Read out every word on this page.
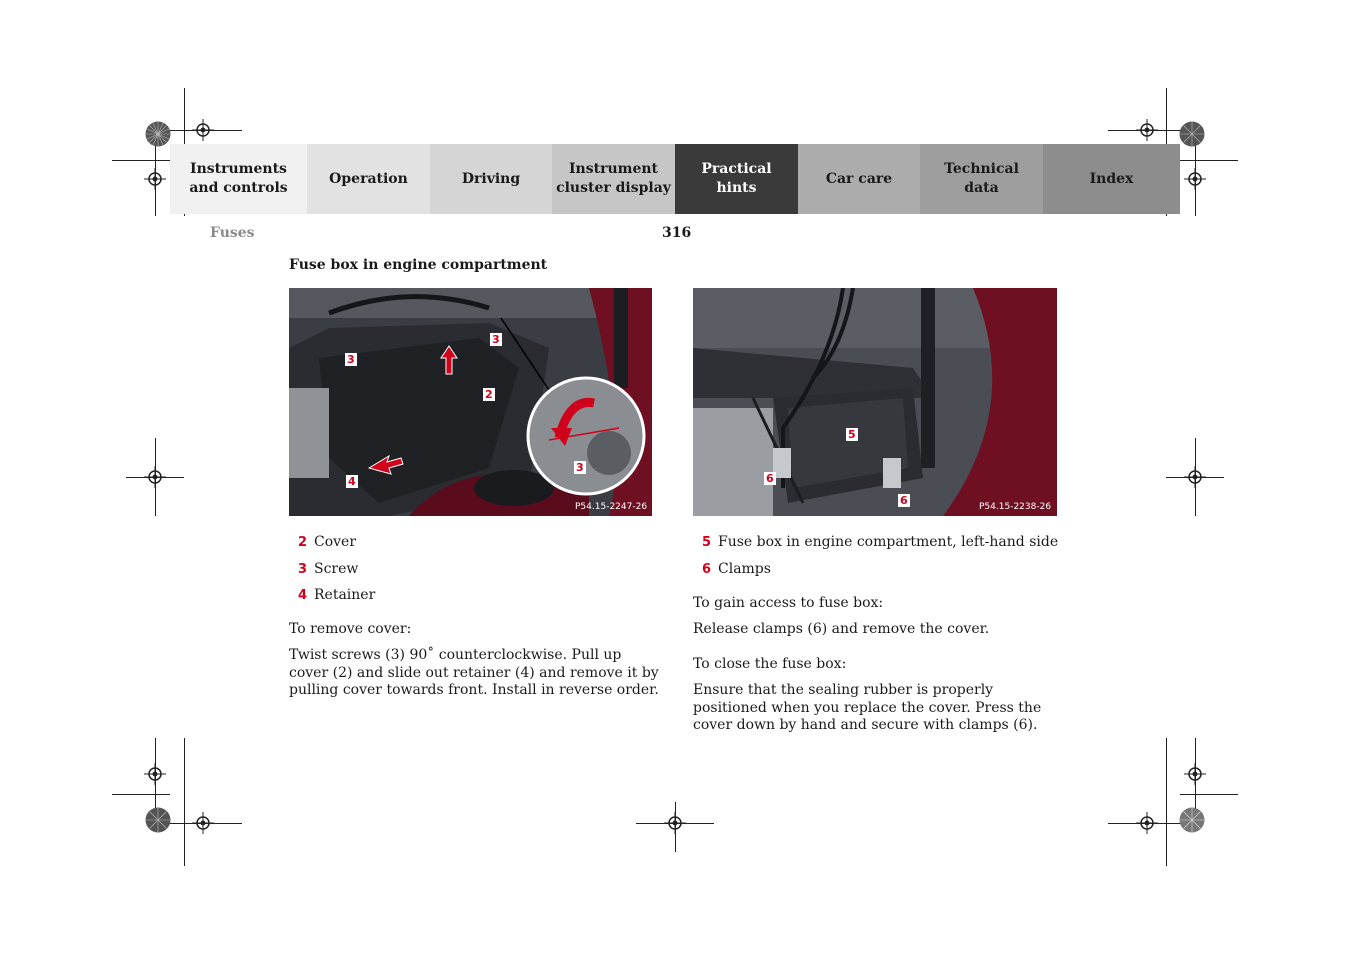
Instruments
and controls
Operation	Driving
Instrument
cluster display
Practical hints
Car care
Technical
data
Index
Fuses	316
Fuse box in engine compartment
3
3
2
3
4
P54.15-2247-26
5
6
6	P54.15-2238-26
2 Cover
3 Screw
4 Retainer
5 Fuse box in engine compartment, left-hand side
6 Clamps
To remove cover:
Twist screws (3) 90˚ counterclockwise. Pull up cover (2) and slide out retainer (4) and remove it by pulling cover towards front. Install in reverse order.
To gain access to fuse box:
Release clamps (6) and remove the cover.
To close the fuse box:
Ensure that the sealing rubber is properly positioned when you replace the cover. Press the cover down by hand and secure with clamps (6).
